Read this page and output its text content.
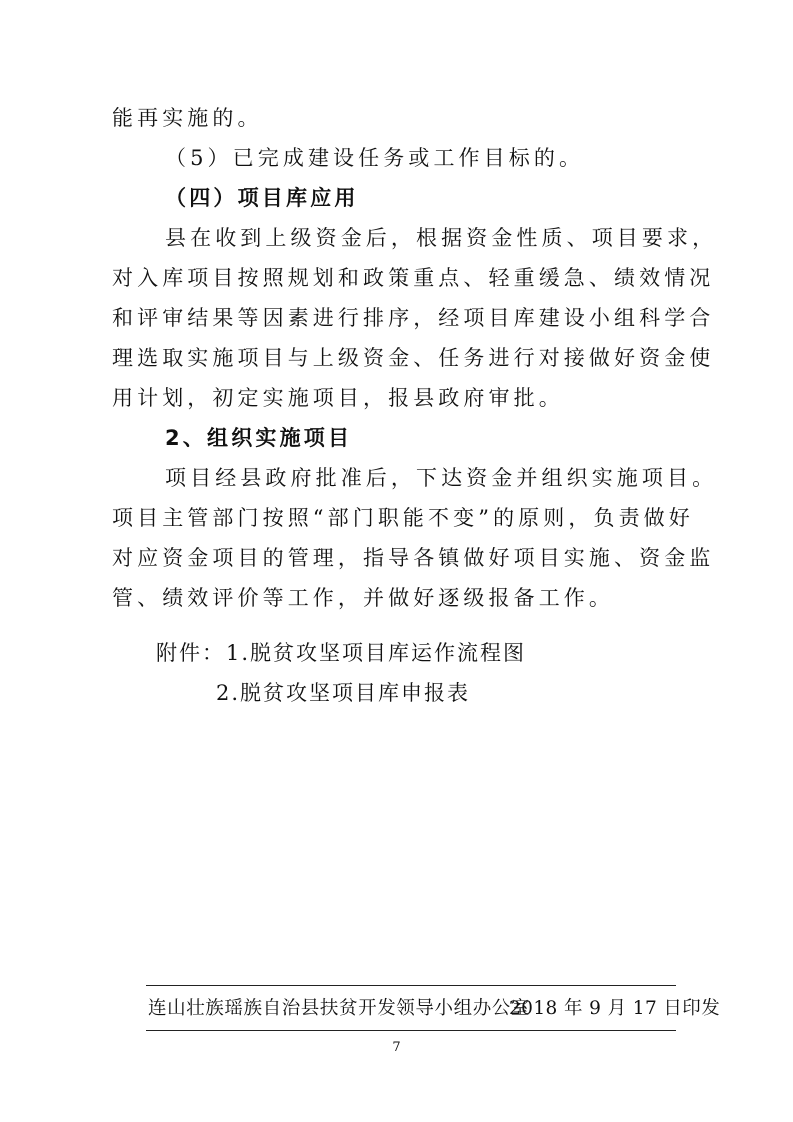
能再实施的。
（5）已完成建设任务或工作目标的。
（四）项目库应用
县在收到上级资金后，根据资金性质、项目要求，
对入库项目按照规划和政策重点、轻重缓急、绩效情况
和评审结果等因素进行排序，经项目库建设小组科学合
理选取实施项目与上级资金、任务进行对接做好资金使
用计划，初定实施项目，报县政府审批。
2、组织实施项目
项目经县政府批准后，下达资金并组织实施项目。
项目主管部门按照“部门职能不变”的原则，负责做好
对应资金项目的管理，指导各镇做好项目实施、资金监
管、绩效评价等工作，并做好逐级报备工作。
附件： 1.脱贫攻坚项目库运作流程图
2.脱贫攻坚项目库申报表
连山壮族瑶族自治县扶贫开发领导小组办公室
2018 年 9 月 17 日印发
7
